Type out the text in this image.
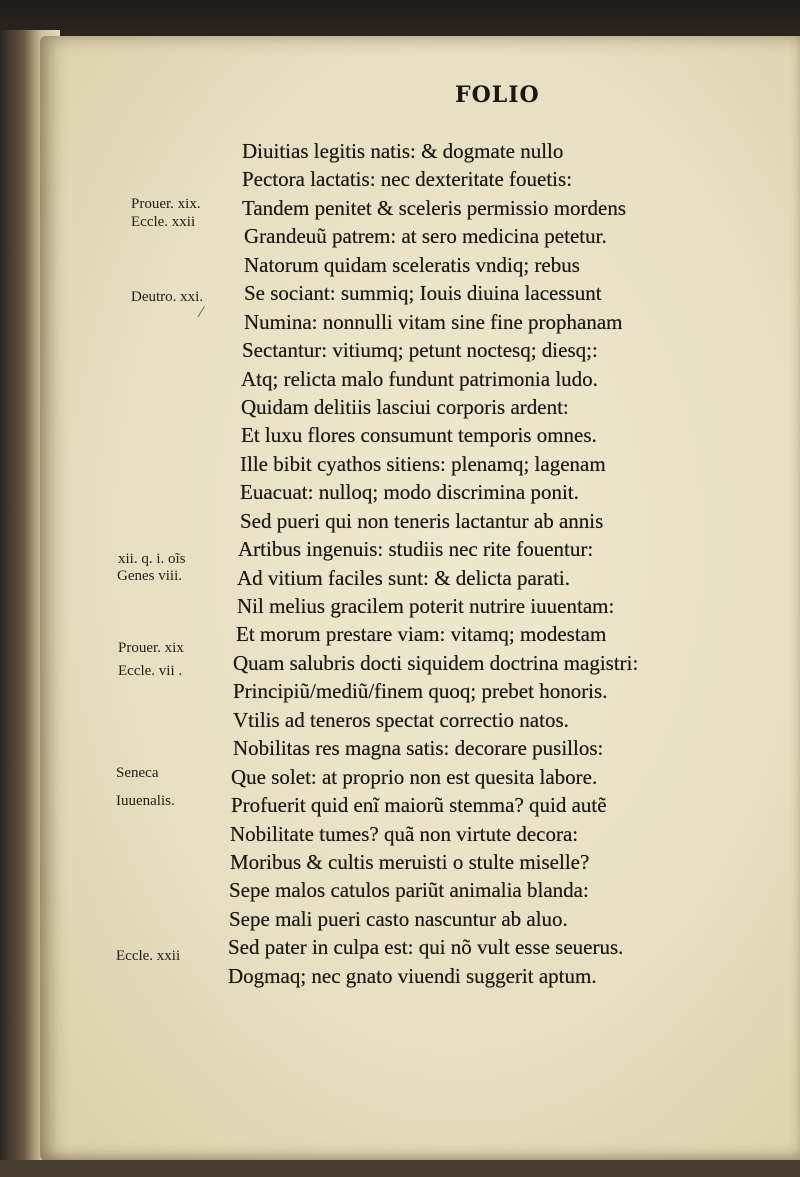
FOLIO
Prouer. xix.
Eccle. xxii
Deutro. xxi.
xii. q. i. oĩs
Genes viii.
Prouer. xix
Eccle. vii .
Seneca
Iuuenalis.
Eccle. xxii
⁄
Diuitias legitis natis: & dogmate nullo
Pectora lactatis: nec dexteritate fouetis:
Tandem penitet & sceleris permissio mordens
Grandeuũ patrem: at sero medicina petetur.
Natorum quidam sceleratis vndiq; rebus
Se sociant: summiq; Iouis diuina lacessunt
Numina: nonnulli vitam sine fine prophanam
Sectantur: vitiumq; petunt noctesq; diesq;:
Atq; relicta malo fundunt patrimonia ludo.
Quidam delitiis lasciui corporis ardent:
Et luxu flores consumunt temporis omnes.
Ille bibit cyathos sitiens: plenamq; lagenam
Euacuat: nulloq; modo discrimina ponit.
Sed pueri qui non teneris lactantur ab annis
Artibus ingenuis: studiis nec rite fouentur:
Ad vitium faciles sunt: & delicta parati.
Nil melius gracilem poterit nutrire iuuentam:
Et morum prestare viam: vitamq; modestam
Quam salubris docti siquidem doctrina magistri:
Principiũ/mediũ/finem quoq; prebet honoris.
Vtilis ad teneros spectat correctio natos.
Nobilitas res magna satis: decorare pusillos:
Que solet: at proprio non est quesita labore.
Profuerit quid enĩ maiorũ stemma? quid autẽ
Nobilitate tumes? quã non virtute decora:
Moribus & cultis meruisti o stulte miselle?
Sepe malos catulos pariũt animalia blanda:
Sepe mali pueri casto nascuntur ab aluo.
Sed pater in culpa est: qui nõ vult esse seuerus.
Dogmaq; nec gnato viuendi suggerit aptum.
